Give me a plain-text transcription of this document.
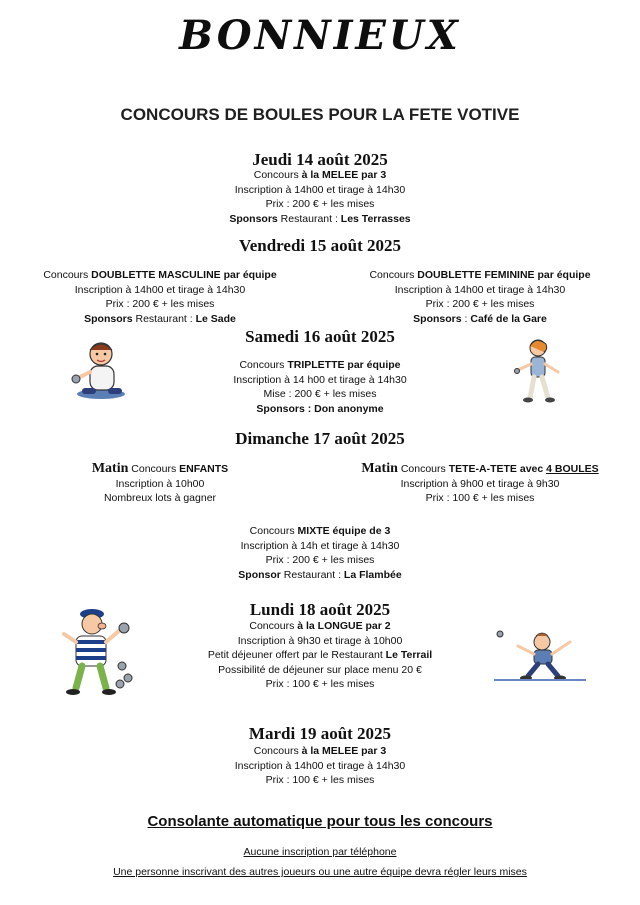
BONNIEUX
CONCOURS DE BOULES POUR LA FETE VOTIVE
Jeudi 14 août 2025
Concours à la MELEE par 3
Inscription à 14h00 et tirage à 14h30
Prix : 200 € + les mises
Sponsors Restaurant : Les Terrasses
Vendredi 15 août 2025
Concours DOUBLETTE MASCULINE par équipe
Inscription à 14h00 et tirage à 14h30
Prix : 200 € + les mises
Sponsors Restaurant : Le Sade
Concours DOUBLETTE FEMININE par équipe
Inscription à 14h00 et tirage à 14h30
Prix : 200 € + les mises
Sponsors : Café de la Gare
Samedi 16 août 2025
Concours TRIPLETTE par équipe
Inscription à 14 h00 et tirage à 14h30
Mise : 200 € + les mises
Sponsors : Don anonyme
Dimanche 17 août 2025
Matin Concours ENFANTS
Inscription à 10h00
Nombreux lots à gagner
Matin Concours TETE-A-TETE avec 4 BOULES
Inscription à 9h00 et tirage à 9h30
Prix : 100 € + les mises
Concours MIXTE équipe de 3
Inscription à 14h et tirage à 14h30
Prix : 200 € + les mises
Sponsor Restaurant : La Flambée
Lundi 18 août 2025
Concours à la LONGUE par 2
Inscription à 9h30 et tirage à 10h00
Petit déjeuner offert par le Restaurant Le Terrail
Possibilité de déjeuner sur place menu 20 €
Prix : 100 € + les mises
Mardi 19 août 2025
Concours à la MELEE par 3
Inscription à 14h00 et tirage à 14h30
Prix : 100 € + les mises
Consolante automatique pour tous les concours
Aucune inscription par téléphone
Une personne inscrivant des autres joueurs ou une autre équipe devra régler leurs mises
